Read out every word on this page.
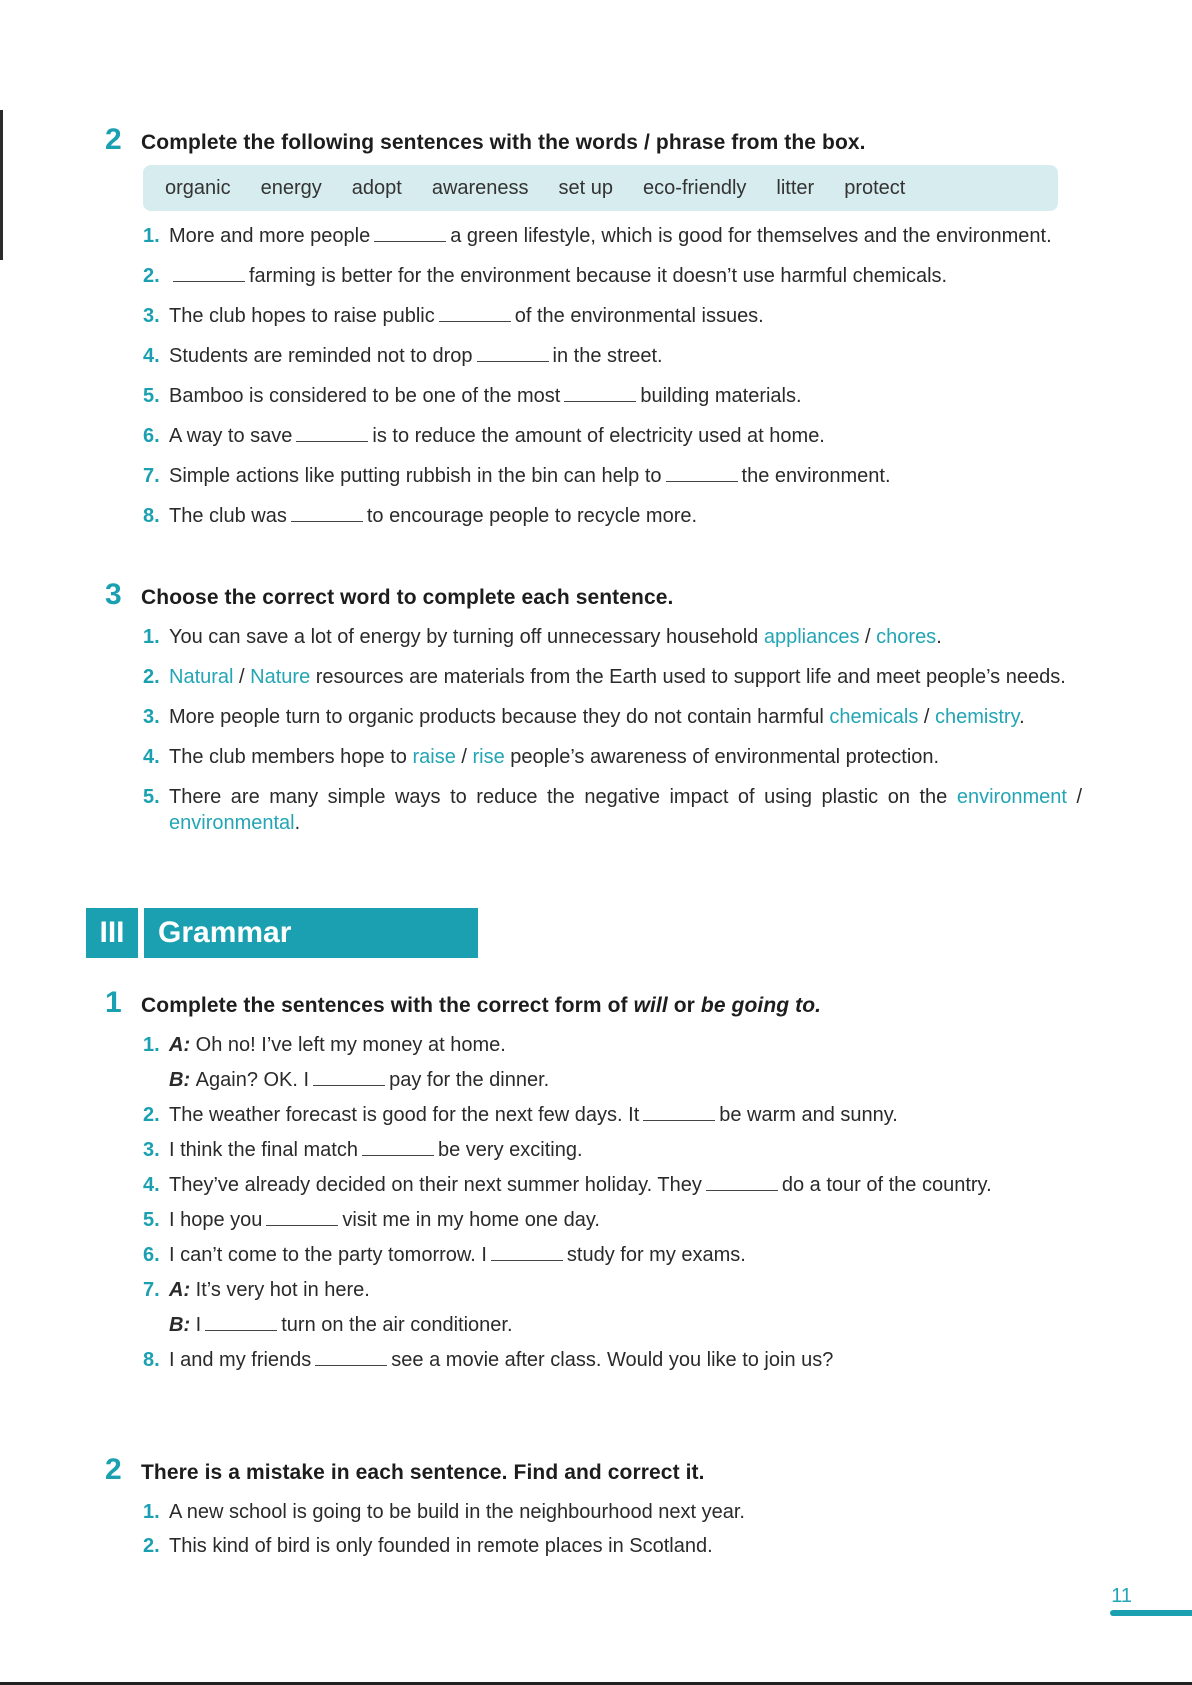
2 Complete the following sentences with the words / phrase from the box.
organic energy adopt awareness set up eco-friendly litter protect
1. More and more people	a green lifestyle, which is good for themselves and the environment.
2.	farming is better for the environment because it doesn’t use harmful chemicals.
3. The club hopes to raise public	of the environmental issues.
4. Students are reminded not to drop	in the street.
5. Bamboo is considered to be one of the most	building materials.
6. A way to save	is to reduce the amount of electricity used at home.
7. Simple actions like putting rubbish in the bin can help to	the environment.
8. The club was	to encourage people to recycle more.
3 Choose the correct word to complete each sentence.
1. You can save a lot of energy by turning off unnecessary household appliances / chores.
2. Natural / Nature resources are materials from the Earth used to support life and meet people’s needs.
3. More people turn to organic products because they do not contain harmful chemicals / chemistry.
4. The club members hope to raise / rise people’s awareness of environmental protection.
5. There are many simple ways to reduce the negative impact of using plastic on the environment / environmental.
III	Grammar
1 Complete the sentences with the correct form of will or be going to.
1. A: Oh no! I’ve left my money at home.
B: Again? OK. I	pay for the dinner.
2. The weather forecast is good for the next few days. It	be warm and sunny.
3. I think the final match	be very exciting.
4. They’ve already decided on their next summer holiday. They	do a tour of the country.
5. I hope you	visit me in my home one day.
6. I can’t come to the party tomorrow. I	study for my exams.
7. A: It’s very hot in here.
B: I	turn on the air conditioner.
8. I and my friends	see a movie after class. Would you like to join us?
2 There is a mistake in each sentence. Find and correct it.
1. A new school is going to be build in the neighbourhood next year.
2. This kind of bird is only founded in remote places in Scotland.
11
